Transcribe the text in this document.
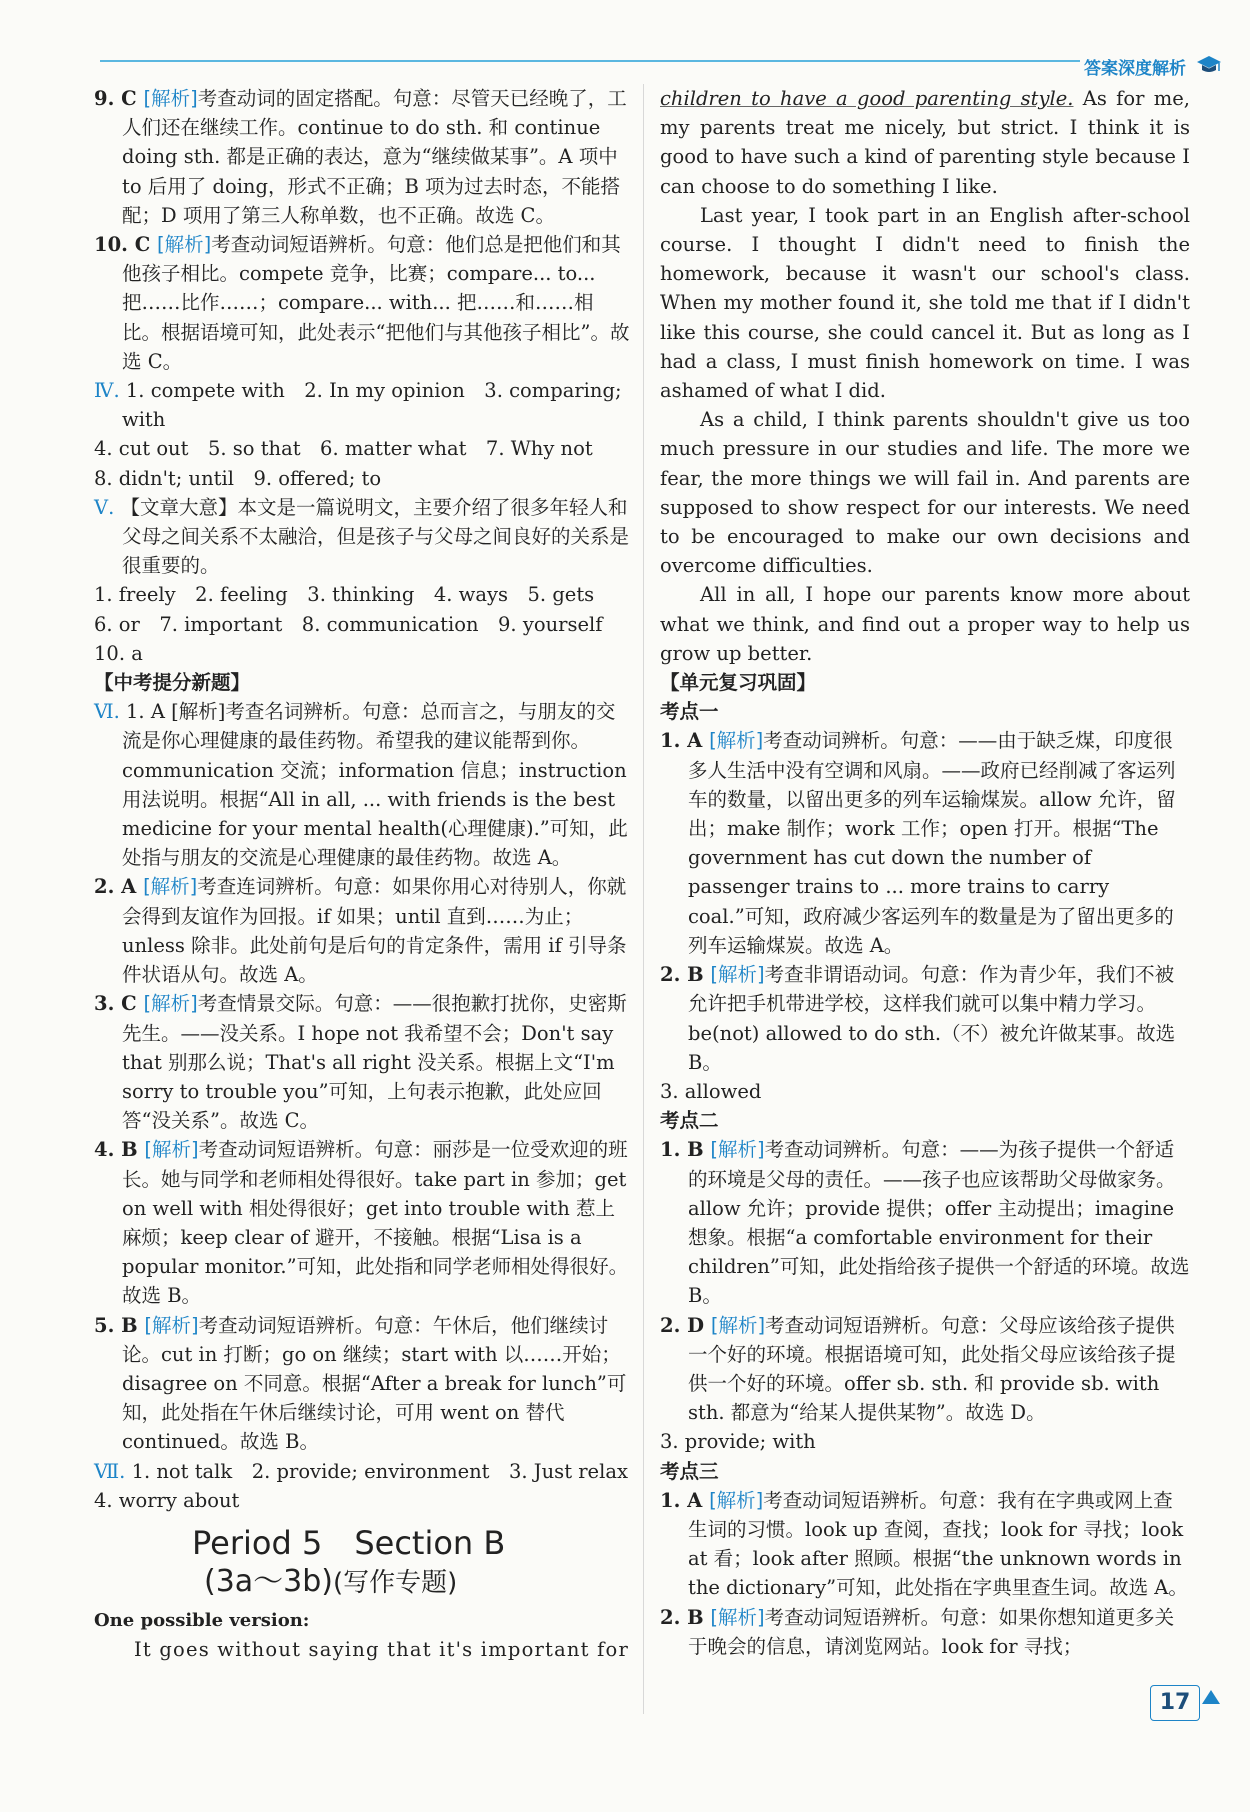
答案深度解析

9. C [解析]考查动词的固定搭配。句意：尽管天已经晚了，工人们还在继续工作。continue to do sth. 和 continue doing sth. 都是正确的表达，意为“继续做某事”。A 项中 to 后用了 doing，形式不正确；B 项为过去时态，不能搭配；D 项用了第三人称单数，也不正确。故选 C。

10. C [解析]考查动词短语辨析。句意：他们总是把他们和其他孩子相比。compete 竞争，比赛；compare... to... 把……比作……；compare... with... 把……和……相比。根据语境可知，此处表示“把他们与其他孩子相比”。故选 C。

Ⅳ. 1. compete with　2. In my opinion　3. comparing; with

4. cut out　5. so that　6. matter what　7. Why not

8. didn't; until　9. offered; to

Ⅴ. 【文章大意】本文是一篇说明文，主要介绍了很多年轻人和父母之间关系不太融洽，但是孩子与父母之间良好的关系是很重要的。

1. freely　2. feeling　3. thinking　4. ways　5. gets

6. or　7. important　8. communication　9. yourself

10. a

【中考提分新题】

Ⅵ. 1. A [解析]考查名词辨析。句意：总而言之，与朋友的交流是你心理健康的最佳药物。希望我的建议能帮到你。communication 交流；information 信息；instruction 用法说明。根据“All in all, ... with friends is the best medicine for your mental health(心理健康).”可知，此处指与朋友的交流是心理健康的最佳药物。故选 A。

2. A [解析]考查连词辨析。句意：如果你用心对待别人，你就会得到友谊作为回报。if 如果；until 直到……为止；unless 除非。此处前句是后句的肯定条件，需用 if 引导条件状语从句。故选 A。

3. C [解析]考查情景交际。句意：——很抱歉打扰你，史密斯先生。——没关系。I hope not 我希望不会；Don't say that 别那么说；That's all right 没关系。根据上文“I'm sorry to trouble you”可知，上句表示抱歉，此处应回答“没关系”。故选 C。

4. B [解析]考查动词短语辨析。句意：丽莎是一位受欢迎的班长。她与同学和老师相处得很好。take part in 参加；get on well with 相处得很好；get into trouble with 惹上麻烦；keep clear of 避开，不接触。根据“Lisa is a popular monitor.”可知，此处指和同学老师相处得很好。故选 B。

5. B [解析]考查动词短语辨析。句意：午休后，他们继续讨论。cut in 打断；go on 继续；start with 以……开始；disagree on 不同意。根据“After a break for lunch”可知，此处指在午休后继续讨论，可用 went on 替代 continued。故选 B。

Ⅶ. 1. not talk　2. provide; environment　3. Just relax

4. worry about

Period 5　Section B
(3a～3b)(写作专题)

One possible version:

It goes without saying that it's important for

children to have a good parenting style. As for me, my parents treat me nicely, but strict. I think it is good to have such a kind of parenting style because I can choose to do something I like.

Last year, I took part in an English after-school course. I thought I didn't need to finish the homework, because it wasn't our school's class. When my mother found it, she told me that if I didn't like this course, she could cancel it. But as long as I had a class, I must finish homework on time. I was ashamed of what I did.

As a child, I think parents shouldn't give us too much pressure in our studies and life. The more we fear, the more things we will fail in. And parents are supposed to show respect for our interests. We need to be encouraged to make our own decisions and overcome difficulties.

All in all, I hope our parents know more about what we think, and find out a proper way to help us grow up better.

【单元复习巩固】

考点一

1. A [解析]考查动词辨析。句意：——由于缺乏煤，印度很多人生活中没有空调和风扇。——政府已经削减了客运列车的数量，以留出更多的列车运输煤炭。allow 允许，留出；make 制作；work 工作；open 打开。根据“The government has cut down the number of passenger trains to ... more trains to carry coal.”可知，政府减少客运列车的数量是为了留出更多的列车运输煤炭。故选 A。

2. B [解析]考查非谓语动词。句意：作为青少年，我们不被允许把手机带进学校，这样我们就可以集中精力学习。be(not) allowed to do sth.（不）被允许做某事。故选 B。

3. allowed

考点二

1. B [解析]考查动词辨析。句意：——为孩子提供一个舒适的环境是父母的责任。——孩子也应该帮助父母做家务。allow 允许；provide 提供；offer 主动提出；imagine 想象。根据“a comfortable environment for their children”可知，此处指给孩子提供一个舒适的环境。故选 B。

2. D [解析]考查动词短语辨析。句意：父母应该给孩子提供一个好的环境。根据语境可知，此处指父母应该给孩子提供一个好的环境。offer sb. sth. 和 provide sb. with sth. 都意为“给某人提供某物”。故选 D。

3. provide; with

考点三

1. A [解析]考查动词短语辨析。句意：我有在字典或网上查生词的习惯。look up 查阅，查找；look for 寻找；look at 看；look after 照顾。根据“the unknown words in the dictionary”可知，此处指在字典里查生词。故选 A。

2. B [解析]考查动词短语辨析。句意：如果你想知道更多关于晚会的信息，请浏览网站。look for 寻找；

17
